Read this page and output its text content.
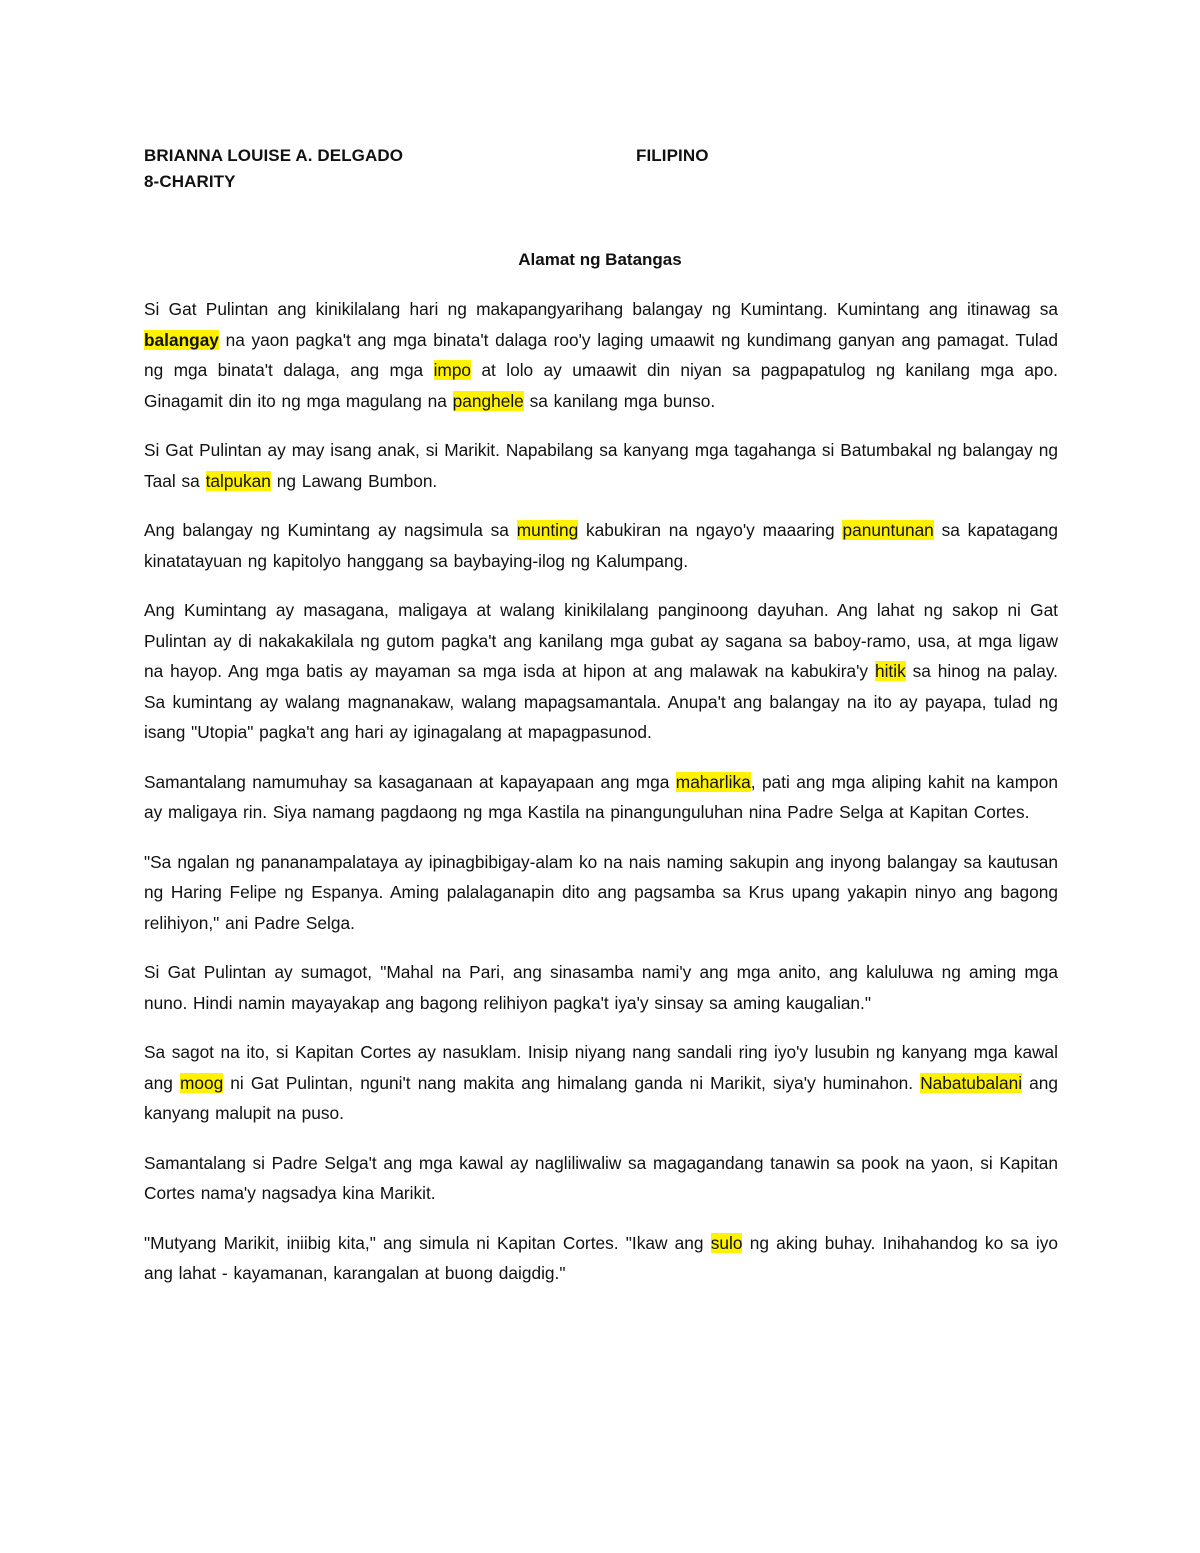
BRIANNA LOUISE A. DELGADO	FILIPINO
8-CHARITY
Alamat ng Batangas

Si Gat Pulintan ang kinikilalang hari ng makapangyarihang balangay ng Kumintang. Kumintang ang itinawag sa balangay na yaon pagka't ang mga binata't dalaga roo'y laging umaawit ng kundimang ganyan ang pamagat. Tulad ng mga binata't dalaga, ang mga impo at lolo ay umaawit din niyan sa pagpapatulog ng kanilang mga apo. Ginagamit din ito ng mga magulang na panghele sa kanilang mga bunso.

Si Gat Pulintan ay may isang anak, si Marikit. Napabilang sa kanyang mga tagahanga si Batumbakal ng balangay ng Taal sa talpukan ng Lawang Bumbon.

Ang balangay ng Kumintang ay nagsimula sa munting kabukiran na ngayo'y maaaring panuntunan sa kapatagang kinatatayuan ng kapitolyo hanggang sa baybaying-ilog ng Kalumpang.

Ang Kumintang ay masagana, maligaya at walang kinikilalang panginoong dayuhan. Ang lahat ng sakop ni Gat Pulintan ay di nakakakilala ng gutom pagka't ang kanilang mga gubat ay sagana sa baboy-ramo, usa, at mga ligaw na hayop. Ang mga batis ay mayaman sa mga isda at hipon at ang malawak na kabukira'y hitik sa hinog na palay. Sa kumintang ay walang magnanakaw, walang mapagsamantala. Anupa't ang balangay na ito ay payapa, tulad ng isang "Utopia" pagka't ang hari ay iginagalang at mapagpasunod.

Samantalang namumuhay sa kasaganaan at kapayapaan ang mga maharlika, pati ang mga aliping kahit na kampon ay maligaya rin. Siya namang pagdaong ng mga Kastila na pinangunguluhan nina Padre Selga at Kapitan Cortes.

"Sa ngalan ng pananampalataya ay ipinagbibigay-alam ko na nais naming sakupin ang inyong balangay sa kautusan ng Haring Felipe ng Espanya. Aming palalaganapin dito ang pagsamba sa Krus upang yakapin ninyo ang bagong relihiyon," ani Padre Selga.

Si Gat Pulintan ay sumagot, "Mahal na Pari, ang sinasamba nami'y ang mga anito, ang kaluluwa ng aming mga nuno. Hindi namin mayayakap ang bagong relihiyon pagka't iya'y sinsay sa aming kaugalian."

Sa sagot na ito, si Kapitan Cortes ay nasuklam. Inisip niyang nang sandali ring iyo'y lusubin ng kanyang mga kawal ang moog ni Gat Pulintan, nguni't nang makita ang himalang ganda ni Marikit, siya'y huminahon. Nabatubalani ang kanyang malupit na puso.

Samantalang si Padre Selga't ang mga kawal ay nagliliwaliw sa magagandang tanawin sa pook na yaon, si Kapitan Cortes nama'y nagsadya kina Marikit.

"Mutyang Marikit, iniibig kita," ang simula ni Kapitan Cortes. "Ikaw ang sulo ng aking buhay. Inihahandog ko sa iyo ang lahat - kayamanan, karangalan at buong daigdig."
